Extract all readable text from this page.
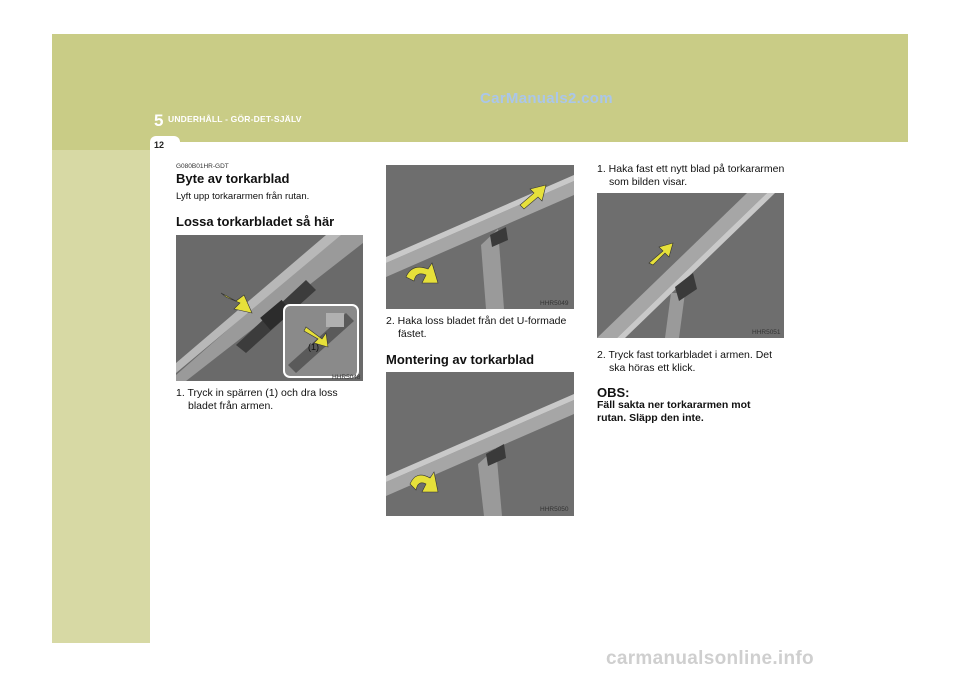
5 UNDERHÅLL - GÖR-DET-SJÄLV
12
CarManuals2.com
carmanualsonline.info
G080B01HR-GDT
Byte av torkarblad
Lyft upp torkararmen från rutan.
Lossa torkarbladet så här
(1)
HHR5048
1. Tryck in spärren (1) och dra loss
bladet från armen.
HHR5049
2. Haka loss bladet från det U-formade
fästet.
Montering av torkarblad
HHR5050
1. Haka fast ett nytt blad på torkararmen
som bilden visar.
HHR5051
2. Tryck fast torkarbladet i armen. Det
ska höras ett klick.
OBS:
Fäll sakta ner torkararmen mot
rutan. Släpp den inte.
